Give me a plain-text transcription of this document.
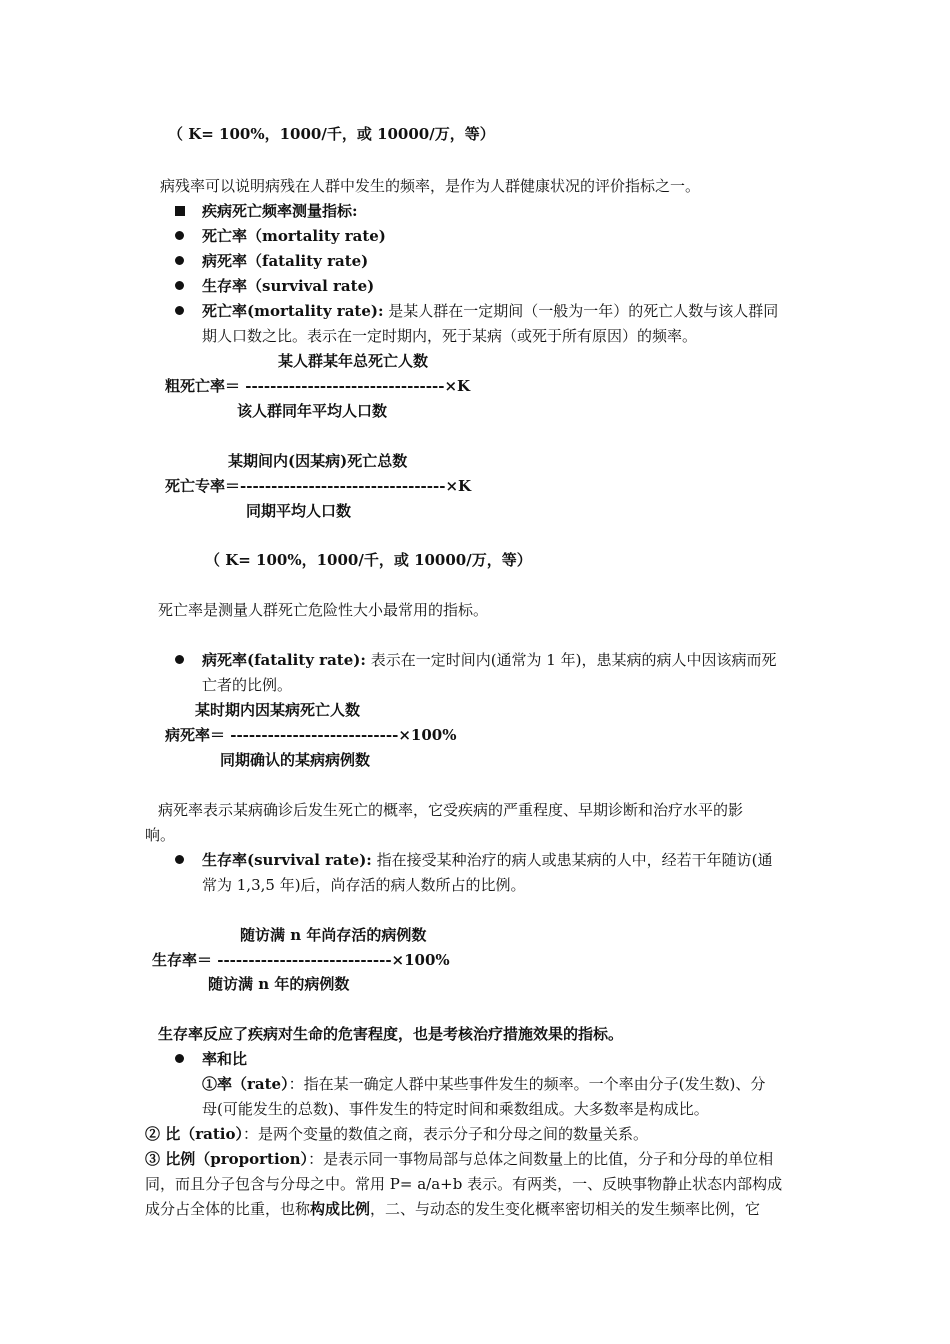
（ K= 100%，1000/千，或 10000/万，等）
病残率可以说明病残在人群中发生的频率，是作为人群健康状况的评价指标之一。
疾病死亡频率测量指标:
死亡率（mortality rate)
病死率（fatality rate)
生存率（survival rate)
死亡率(mortality rate): 是某人群在一定期间（一般为一年）的死亡人数与该人群同
期人口数之比。表示在一定时期内，死于某病（或死于所有原因）的频率。
某人群某年总死亡人数
粗死亡率＝ --------------------------------×K
该人群同年平均人口数
某期间内(因某病)死亡总数
死亡专率＝---------------------------------×K
同期平均人口数
（ K= 100%，1000/千，或 10000/万，等）
死亡率是测量人群死亡危险性大小最常用的指标。
病死率(fatality rate): 表示在一定时间内(通常为 1 年)，患某病的病人中因该病而死
亡者的比例。
某时期内因某病死亡人数
病死率＝ ---------------------------×100%
同期确认的某病病例数
病死率表示某病确诊后发生死亡的概率，它受疾病的严重程度、早期诊断和治疗水平的影
响。
生存率(survival rate): 指在接受某种治疗的病人或患某病的人中，经若干年随访(通
常为 1,3,5 年)后，尚存活的病人数所占的比例。
随访满 n 年尚存活的病例数
生存率＝ ----------------------------×100%
随访满 n 年的病例数
生存率反应了疾病对生命的危害程度，也是考核治疗措施效果的指标。
率和比
①率（rate）：指在某一确定人群中某些事件发生的频率。一个率由分子(发生数)、分
母(可能发生的总数)、事件发生的特定时间和乘数组成。大多数率是构成比。
② 比（ratio）：是两个变量的数值之商，表示分子和分母之间的数量关系。
③ 比例（proportion）：是表示同一事物局部与总体之间数量上的比值，分子和分母的单位相
同，而且分子包含与分母之中。常用 P= a/a+b 表示。有两类，一、反映事物静止状态内部构成
成分占全体的比重，也称构成比例，二、与动态的发生变化概率密切相关的发生频率比例，它
